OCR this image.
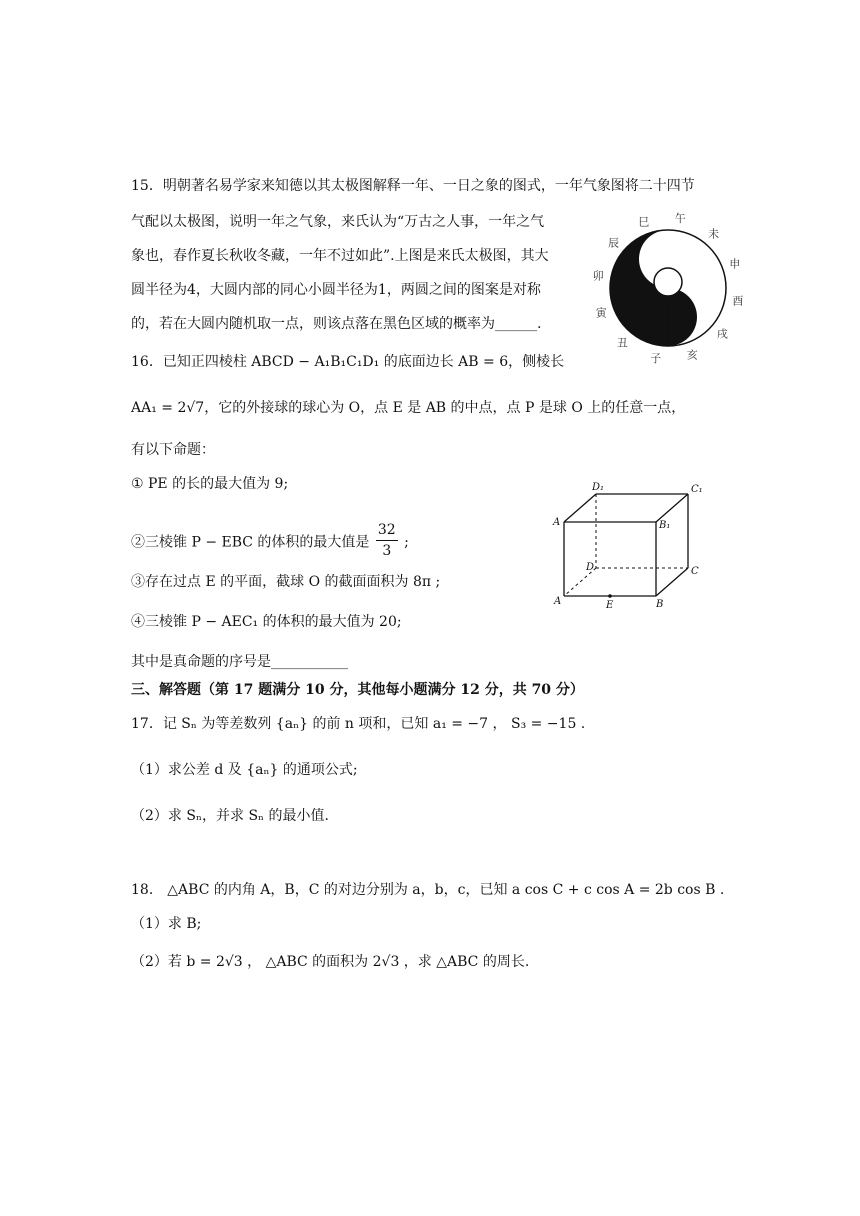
15．明朝著名易学家来知德以其太极图解释一年、一日之象的图式，一年气象图将二十四节
气配以太极图，说明一年之气象，来氏认为“万古之人事，一年之气
象也，春作夏长秋收冬藏，一年不过如此”.上图是来氏太极图，其大
圆半径为4，大圆内部的同心小圆半径为1，两圆之间的图案是对称
的，若在大圆内随机取一点，则该点落在黑色区域的概率为______.
午
未
申
酉
戌
亥
子
丑
寅
卯
辰
巳
16．已知正四棱柱 ABCD − A₁B₁C₁D₁ 的底面边长 AB = 6，侧棱长
AA₁ = 2√7，它的外接球的球心为 O，点 E 是 AB 的中点，点 P 是球 O 上的任意一点，
有以下命题：
① PE 的长的最大值为 9;
②三棱锥 P − EBC 的体积的最大值是 $\frac{32}{3}$ ;
③存在过点 E 的平面，截球 O 的截面面积为 8π ;
④三棱锥 P − AEC₁ 的体积的最大值为 20;
其中是真命题的序号是___________
D₁	C₁
A	B₁
D	C
A	E	B
三、解答题（第 17 题满分 10 分，其他每小题满分 12 分，共 70 分）
17．记 Sₙ 为等差数列 {aₙ} 的前 n 项和，已知 a₁ = −7 ， S₃ = −15 .
（1）求公差 d 及 {aₙ} 的通项公式;
（2）求 Sₙ，并求 Sₙ 的最小值.
18． △ABC 的内角 A，B，C 的对边分别为 a，b，c，已知 a cos C + c cos A = 2b cos B .
（1）求 B;
（2）若 b = 2√3 ， △ABC 的面积为 2√3 ，求 △ABC 的周长.
